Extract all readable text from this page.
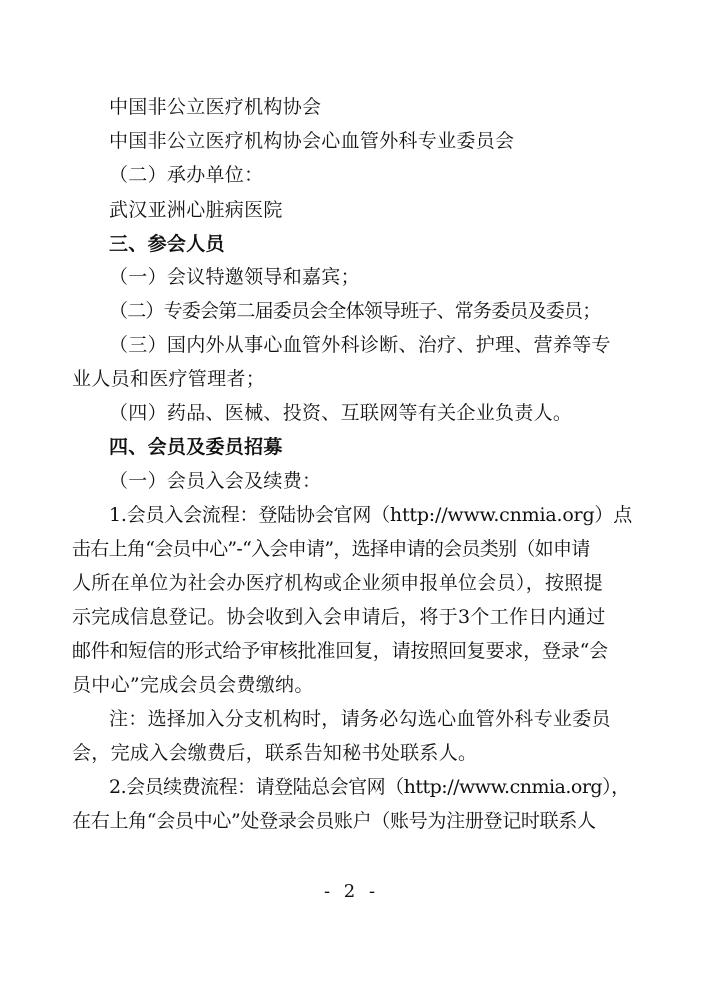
中国非公立医疗机构协会
中国非公立医疗机构协会心血管外科专业委员会
（二）承办单位：
武汉亚洲心脏病医院
三、参会人员
（一）会议特邀领导和嘉宾；
（二）专委会第二届委员会全体领导班子、常务委员及委员；
（三）国内外从事心血管外科诊断、治疗、护理、营养等专
业人员和医疗管理者；
（四）药品、医械、投资、互联网等有关企业负责人。
四、会员及委员招募
（一）会员入会及续费：
1.会员入会流程：登陆协会官网（http://www.cnmia.org）点
击右上角“会员中心”-“入会申请”，选择申请的会员类别（如申请
人所在单位为社会办医疗机构或企业须申报单位会员），按照提
示完成信息登记。协会收到入会申请后，将于3个工作日内通过
邮件和短信的形式给予审核批准回复，请按照回复要求，登录“会
员中心”完成会员会费缴纳。
注：选择加入分支机构时，请务必勾选心血管外科专业委员
会，完成入会缴费后，联系告知秘书处联系人。
2.会员续费流程：请登陆总会官网（http://www.cnmia.org），
在右上角“会员中心”处登录会员账户（账号为注册登记时联系人
- 2 -
